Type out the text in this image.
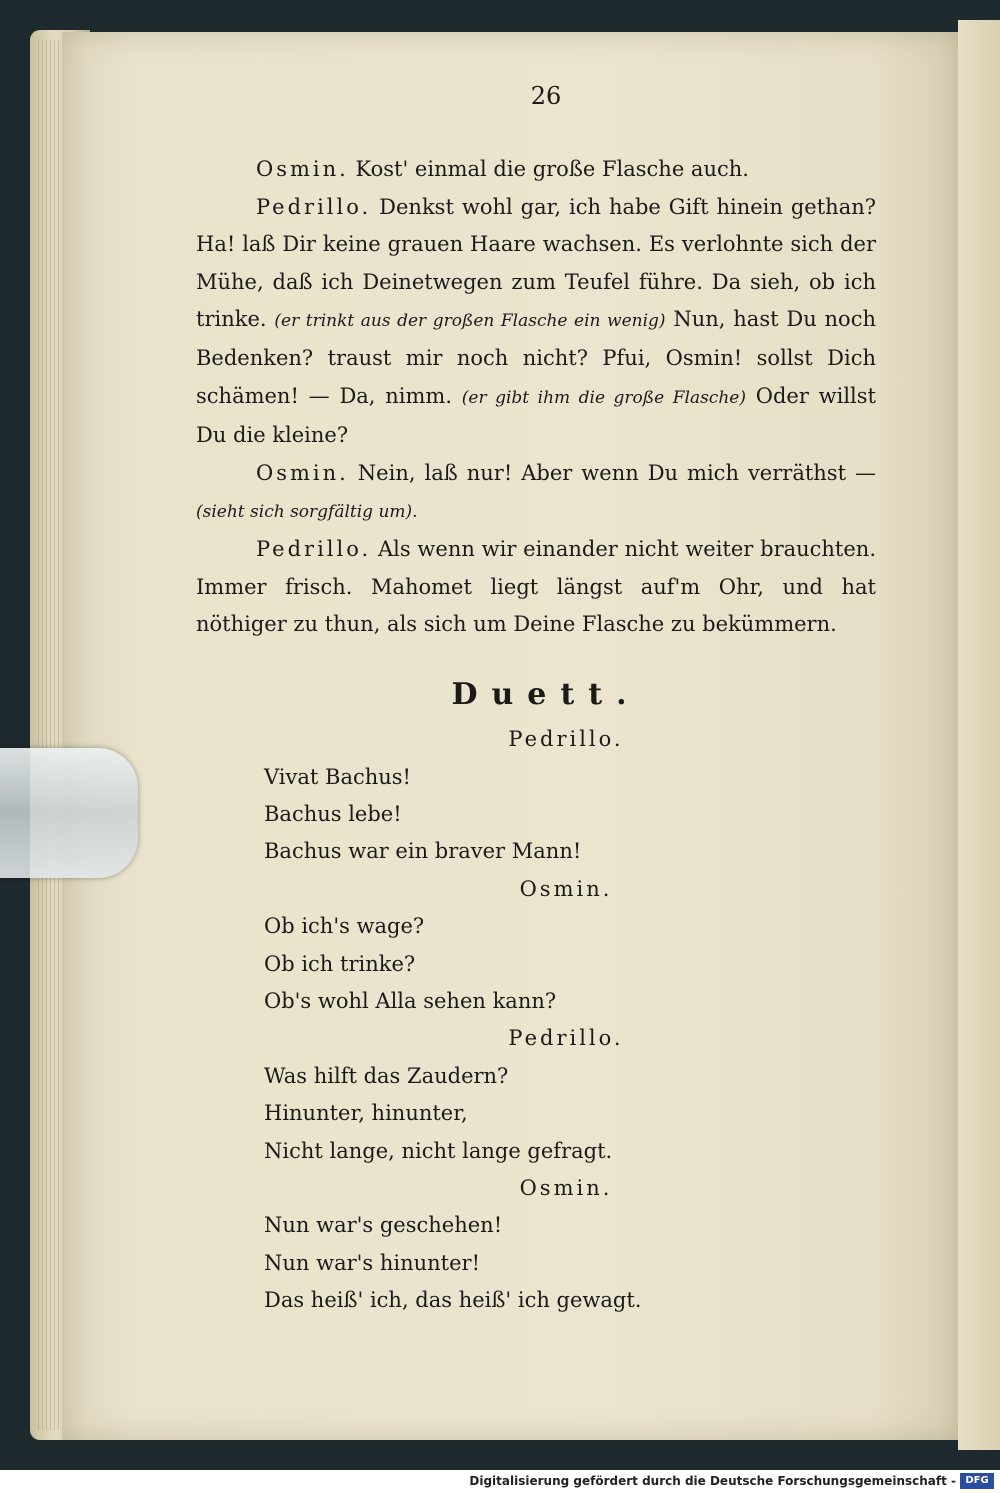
26

Osmin. Kost' einmal die große Flasche auch.

Pedrillo. Denkst wohl gar, ich habe Gift hinein gethan? Ha! laß Dir keine grauen Haare wachsen. Es verlohnte sich der Mühe, daß ich Deinetwegen zum Teufel führe. Da sieh, ob ich trinke. (er trinkt aus der großen Flasche ein wenig) Nun, hast Du noch Bedenken? traust mir noch nicht? Pfui, Osmin! sollst Dich schämen! — Da, nimm. (er gibt ihm die große Flasche) Oder willst Du die kleine?

Osmin. Nein, laß nur! Aber wenn Du mich verräthst — (sieht sich sorgfältig um).

Pedrillo. Als wenn wir einander nicht weiter brauchten. Immer frisch. Mahomet liegt längst auf'm Ohr, und hat nöthiger zu thun, als sich um Deine Flasche zu bekümmern.

Duett.

Pedrillo.

Vivat Bachus!

Bachus lebe!

Bachus war ein braver Mann!

Osmin.

Ob ich's wage?

Ob ich trinke?

Ob's wohl Alla sehen kann?

Pedrillo.

Was hilft das Zaudern?

Hinunter, hinunter,

Nicht lange, nicht lange gefragt.

Osmin.

Nun war's geschehen!

Nun war's hinunter!

Das heiß' ich, das heiß' ich gewagt.

Digitalisierung gefördert durch die Deutsche Forschungsgemeinschaft - DFG
